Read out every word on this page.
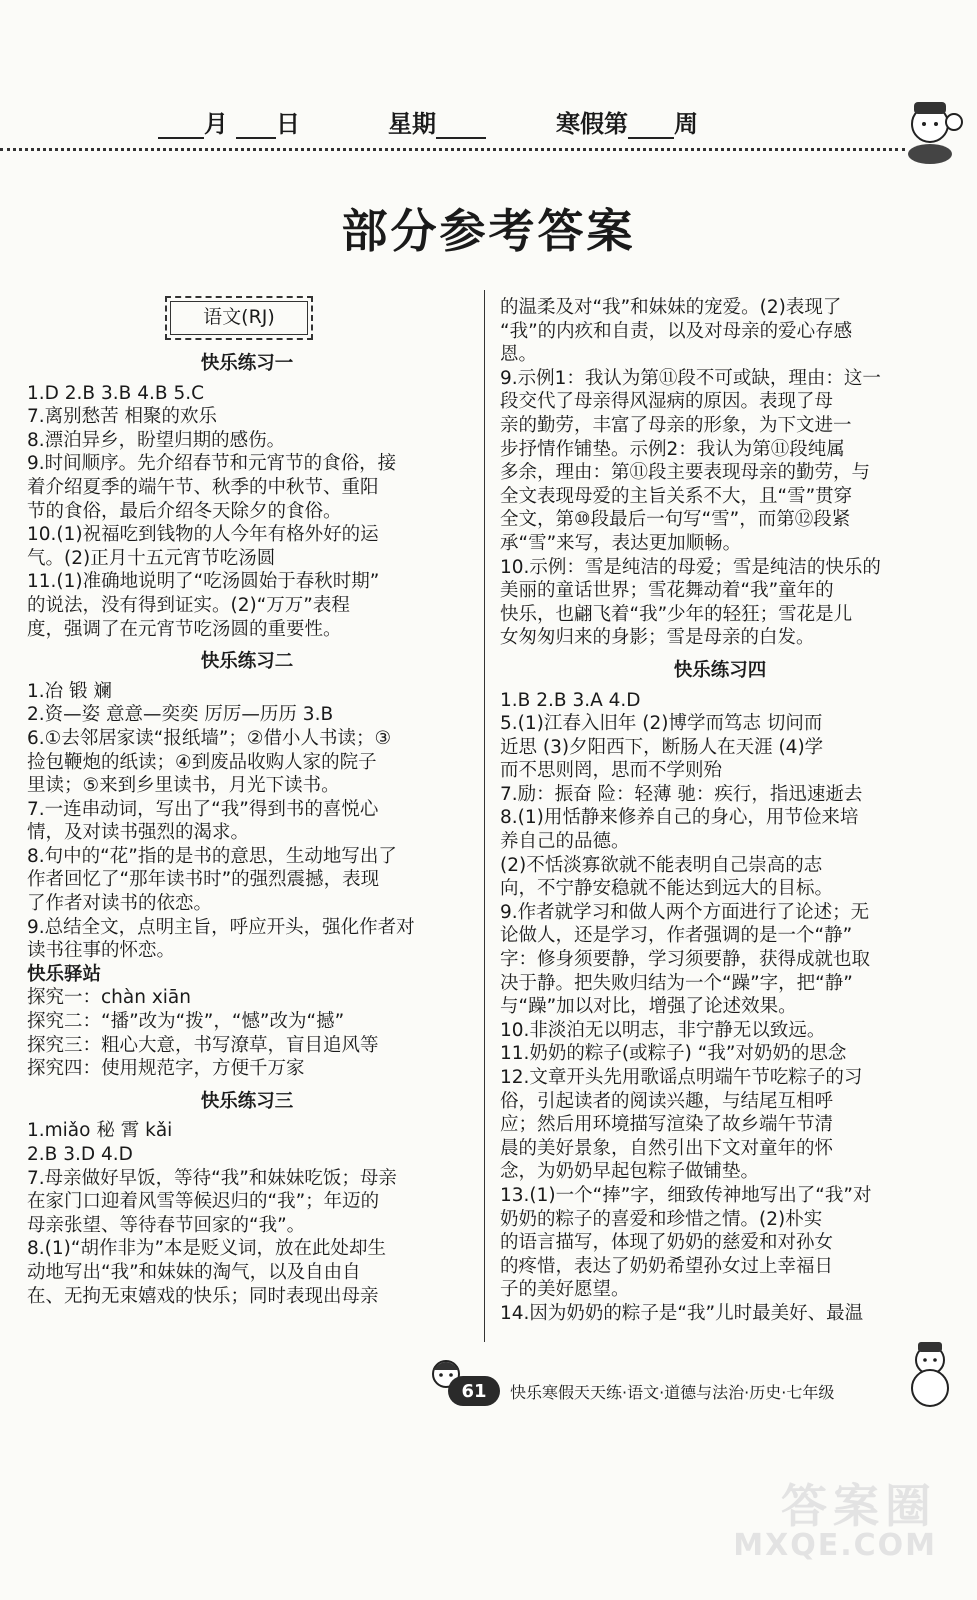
月 日	星期	寒假第 周
部分参考答案
语文(RJ)
快乐练习一
1.D 2.B 3.B 4.B 5.C
7.离别愁苦 相聚的欢乐
8.漂泊异乡，盼望归期的感伤。
9.时间顺序。先介绍春节和元宵节的食俗，接
着介绍夏季的端午节、秋季的中秋节、重阳
节的食俗，最后介绍冬天除夕的食俗。
10.(1)祝福吃到钱物的人今年有格外好的运
气。(2)正月十五元宵节吃汤圆
11.(1)准确地说明了“吃汤圆始于春秋时期”
的说法，没有得到证实。(2)“万万”表程
度，强调了在元宵节吃汤圆的重要性。
快乐练习二
1.冶 锻 斓
2.资—姿 意意—奕奕 厉厉—历历 3.B
6.①去邻居家读“报纸墙”；②借小人书读；③
捡包鞭炮的纸读；④到废品收购人家的院子
里读；⑤来到乡里读书，月光下读书。
7.一连串动词，写出了“我”得到书的喜悦心
情，及对读书强烈的渴求。
8.句中的“花”指的是书的意思，生动地写出了
作者回忆了“那年读书时”的强烈震撼，表现
了作者对读书的依恋。
9.总结全文，点明主旨，呼应开头，强化作者对
读书往事的怀恋。
快乐驿站
探究一：chàn xiān
探究二：“播”改为“拨”，“憾”改为“撼”
探究三：粗心大意，书写潦草，盲目追风等
探究四：使用规范字，方便千万家
快乐练习三
1.miǎo 秘 霄 kǎi
2.B 3.D 4.D
7.母亲做好早饭，等待“我”和妹妹吃饭；母亲
在家门口迎着风雪等候迟归的“我”；年迈的
母亲张望、等待春节回家的“我”。
8.(1)“胡作非为”本是贬义词，放在此处却生
动地写出“我”和妹妹的淘气，以及自由自
在、无拘无束嬉戏的快乐；同时表现出母亲
的温柔及对“我”和妹妹的宠爱。(2)表现了
“我”的内疚和自责，以及对母亲的爱心存感
恩。
9.示例1：我认为第⑪段不可或缺，理由：这一
段交代了母亲得风湿病的原因。表现了母
亲的勤劳，丰富了母亲的形象，为下文进一
步抒情作铺垫。示例2：我认为第⑪段纯属
多余，理由：第⑪段主要表现母亲的勤劳，与
全文表现母爱的主旨关系不大，且“雪”贯穿
全文，第⑩段最后一句写“雪”，而第⑫段紧
承“雪”来写，表达更加顺畅。
10.示例：雪是纯洁的母爱；雪是纯洁的快乐的
美丽的童话世界；雪花舞动着“我”童年的
快乐，也翩飞着“我”少年的轻狂；雪花是儿
女匆匆归来的身影；雪是母亲的白发。
快乐练习四
1.B 2.B 3.A 4.D
5.(1)江春入旧年 (2)博学而笃志 切问而
近思 (3)夕阳西下，断肠人在天涯 (4)学
而不思则罔，思而不学则殆
7.励：振奋 险：轻薄 驰：疾行，指迅速逝去
8.(1)用恬静来修养自己的身心，用节俭来培
养自己的品德。
(2)不恬淡寡欲就不能表明自己崇高的志
向，不宁静安稳就不能达到远大的目标。
9.作者就学习和做人两个方面进行了论述；无
论做人，还是学习，作者强调的是一个“静”
字：修身须要静，学习须要静，获得成就也取
决于静。把失败归结为一个“躁”字，把“静”
与“躁”加以对比，增强了论述效果。
10.非淡泊无以明志，非宁静无以致远。
11.奶奶的粽子(或粽子) “我”对奶奶的思念
12.文章开头先用歌谣点明端午节吃粽子的习
俗，引起读者的阅读兴趣，与结尾互相呼
应；然后用环境描写渲染了故乡端午节清
晨的美好景象，自然引出下文对童年的怀
念，为奶奶早起包粽子做铺垫。
13.(1)一个“捧”字，细致传神地写出了“我”对
奶奶的粽子的喜爱和珍惜之情。(2)朴实
的语言描写，体现了奶奶的慈爱和对孙女
的疼惜，表达了奶奶希望孙女过上幸福日
子的美好愿望。
14.因为奶奶的粽子是“我”儿时最美好、最温
61	快乐寒假天天练·语文·道德与法治·历史·七年级
答案圈
MXQE.COM
